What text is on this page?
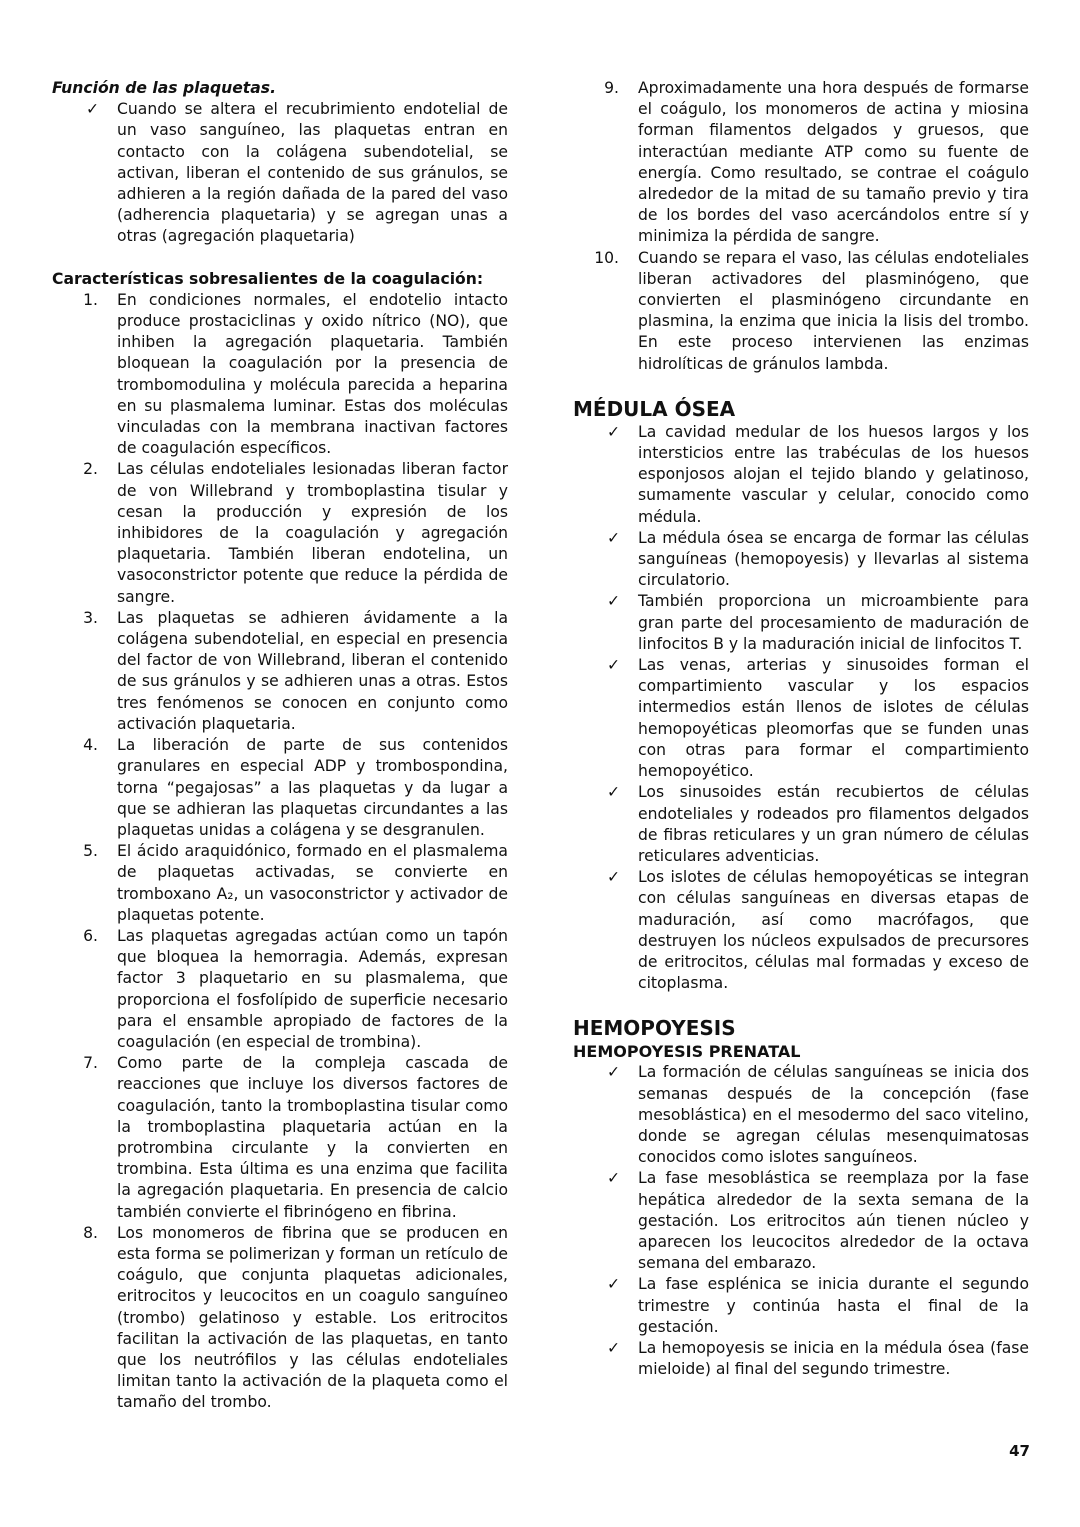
Función de las plaquetas.
✓ Cuando se altera el recubrimiento endotelial de un vaso sanguíneo, las plaquetas entran en contacto con la colágena subendotelial, se activan, liberan el contenido de sus gránulos, se adhieren a la región dañada de la pared del vaso (adherencia plaquetaria) y se agregan unas a otras (agregación plaquetaria)
Características sobresalientes de la coagulación:
1. En condiciones normales, el endotelio intacto produce prostaciclinas y oxido nítrico (NO), que inhiben la agregación plaquetaria. También bloquean la coagulación por la presencia de trombomodulina y molécula parecida a heparina en su plasmalema luminar. Estas dos moléculas vinculadas con la membrana inactivan factores de coagulación específicos.
2. Las células endoteliales lesionadas liberan factor de von Willebrand y tromboplastina tisular y cesan la producción y expresión de los inhibidores de la coagulación y agregación plaquetaria. También liberan endotelina, un vasoconstrictor potente que reduce la pérdida de sangre.
3. Las plaquetas se adhieren ávidamente a la colágena subendotelial, en especial en presencia del factor de von Willebrand, liberan el contenido de sus gránulos y se adhieren unas a otras. Estos tres fenómenos se conocen en conjunto como activación plaquetaria.
4. La liberación de parte de sus contenidos granulares en especial ADP y trombospondina, torna “pegajosas” a las plaquetas y da lugar a que se adhieran las plaquetas circundantes a las plaquetas unidas a colágena y se desgranulen.
5. El ácido araquidónico, formado en el plasmalema de plaquetas activadas, se convierte en tromboxano A₂, un vasoconstrictor y activador de plaquetas potente.
6. Las plaquetas agregadas actúan como un tapón que bloquea la hemorragia. Además, expresan factor 3 plaquetario en su plasmalema, que proporciona el fosfolípido de superficie necesario para el ensamble apropiado de factores de la coagulación (en especial de trombina).
7. Como parte de la compleja cascada de reacciones que incluye los diversos factores de coagulación, tanto la tromboplastina tisular como la tromboplastina plaquetaria actúan en la protrombina circulante y la convierten en trombina. Esta última es una enzima que facilita la agregación plaquetaria. En presencia de calcio también convierte el fibrinógeno en fibrina.
8. Los monomeros de fibrina que se producen en esta forma se polimerizan y forman un retículo de coágulo, que conjunta plaquetas adicionales, eritrocitos y leucocitos en un coagulo sanguíneo (trombo) gelatinoso y estable. Los eritrocitos facilitan la activación de las plaquetas, en tanto que los neutrófilos y las células endoteliales limitan tanto la activación de la plaqueta como el tamaño del trombo.
9. Aproximadamente una hora después de formarse el coágulo, los monomeros de actina y miosina forman filamentos delgados y gruesos, que interactúan mediante ATP como su fuente de energía. Como resultado, se contrae el coágulo alrededor de la mitad de su tamaño previo y tira de los bordes del vaso acercándolos entre sí y minimiza la pérdida de sangre.
10. Cuando se repara el vaso, las células endoteliales liberan activadores del plasminógeno, que convierten el plasminógeno circundante en plasmina, la enzima que inicia la lisis del trombo. En este proceso intervienen las enzimas hidrolíticas de gránulos lambda.
MÉDULA ÓSEA
✓ La cavidad medular de los huesos largos y los intersticios entre las trabéculas de los huesos esponjosos alojan el tejido blando y gelatinoso, sumamente vascular y celular, conocido como médula.
✓ La médula ósea se encarga de formar las células sanguíneas (hemopoyesis) y llevarlas al sistema circulatorio.
✓ También proporciona un microambiente para gran parte del procesamiento de maduración de linfocitos B y la maduración inicial de linfocitos T.
✓ Las venas, arterias y sinusoides forman el compartimiento vascular y los espacios intermedios están llenos de islotes de células hemopoyéticas pleomorfas que se funden unas con otras para formar el compartimiento hemopoyético.
✓ Los sinusoides están recubiertos de células endoteliales y rodeados pro filamentos delgados de fibras reticulares y un gran número de células reticulares adventicias.
✓ Los islotes de células hemopoyéticas se integran con células sanguíneas en diversas etapas de maduración, así como macrófagos, que destruyen los núcleos expulsados de precursores de eritrocitos, células mal formadas y exceso de citoplasma.
HEMOPOYESIS
HEMOPOYESIS PRENATAL
✓ La formación de células sanguíneas se inicia dos semanas después de la concepción (fase mesoblástica) en el mesodermo del saco vitelino, donde se agregan células mesenquimatosas conocidos como islotes sanguíneos.
✓ La fase mesoblástica se reemplaza por la fase hepática alrededor de la sexta semana de la gestación. Los eritrocitos aún tienen núcleo y aparecen los leucocitos alrededor de la octava semana del embarazo.
✓ La fase esplénica se inicia durante el segundo trimestre y continúa hasta el final de la gestación.
✓ La hemopoyesis se inicia en la médula ósea (fase mieloide) al final del segundo trimestre.
47
